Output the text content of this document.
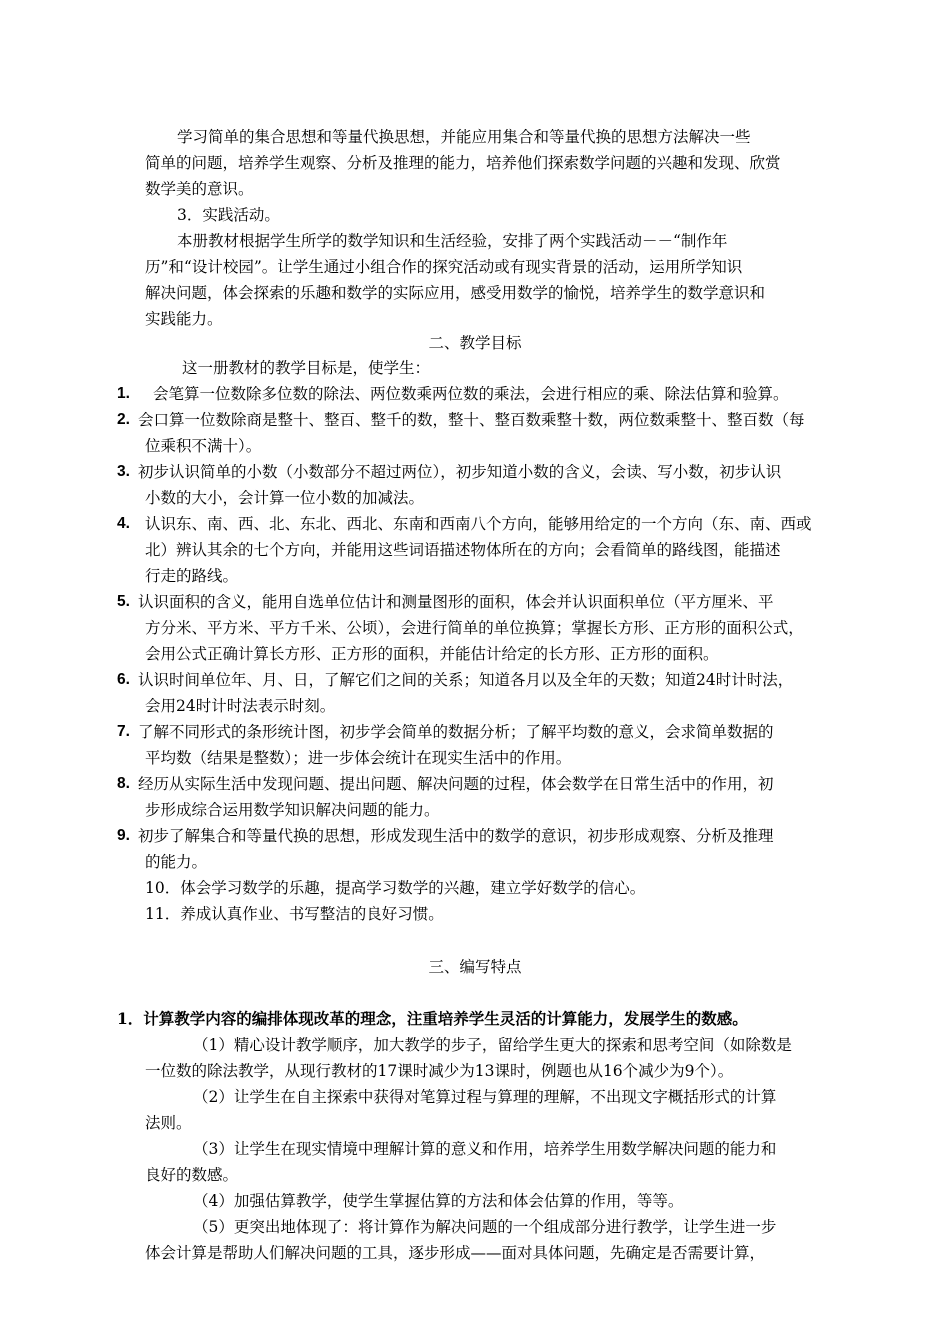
学习简单的集合思想和等量代换思想，并能应用集合和等量代换的思想方法解决一些
简单的问题，培养学生观察、分析及推理的能力，培养他们探索数学问题的兴趣和发现、欣赏
数学美的意识。
3．实践活动。
本册教材根据学生所学的数学知识和生活经验，安排了两个实践活动－－“制作年
历”和“设计校园”。让学生通过小组合作的探究活动或有现实背景的活动，运用所学知识
解决问题，体会探索的乐趣和数学的实际应用，感受用数学的愉悦，培养学生的数学意识和
实践能力。
二、教学目标
这一册教材的教学目标是，使学生：
1. 会笔算一位数除多位数的除法、两位数乘两位数的乘法，会进行相应的乘、除法估算和验算。
2. 会口算一位数除商是整十、整百、整千的数，整十、整百数乘整十数，两位数乘整十、整百数（每
位乘积不满十）。
3. 初步认识简单的小数（小数部分不超过两位），初步知道小数的含义，会读、写小数，初步认识
小数的大小，会计算一位小数的加减法。
4. 认识东、南、西、北、东北、西北、东南和西南八个方向，能够用给定的一个方向（东、南、西或
北）辨认其余的七个方向，并能用这些词语描述物体所在的方向；会看简单的路线图，能描述
行走的路线。
5. 认识面积的含义，能用自选单位估计和测量图形的面积，体会并认识面积单位（平方厘米、平
方分米、平方米、平方千米、公顷），会进行简单的单位换算；掌握长方形、正方形的面积公式，
会用公式正确计算长方形、正方形的面积，并能估计给定的长方形、正方形的面积。
6. 认识时间单位年、月、日，了解它们之间的关系；知道各月以及全年的天数；知道24时计时法，
会用24时计时法表示时刻。
7. 了解不同形式的条形统计图，初步学会简单的数据分析；了解平均数的意义，会求简单数据的
平均数（结果是整数）；进一步体会统计在现实生活中的作用。
8. 经历从实际生活中发现问题、提出问题、解决问题的过程，体会数学在日常生活中的作用，初
步形成综合运用数学知识解决问题的能力。
9. 初步了解集合和等量代换的思想，形成发现生活中的数学的意识，初步形成观察、分析及推理
的能力。
10．体会学习数学的乐趣，提高学习数学的兴趣，建立学好数学的信心。
11．养成认真作业、书写整洁的良好习惯。
三、编写特点
1．计算教学内容的编排体现改革的理念，注重培养学生灵活的计算能力，发展学生的数感。
（1）精心设计教学顺序，加大教学的步子，留给学生更大的探索和思考空间（如除数是
一位数的除法教学，从现行教材的17课时减少为13课时，例题也从16个减少为9个）。
（2）让学生在自主探索中获得对笔算过程与算理的理解，不出现文字概括形式的计算
法则。
（3）让学生在现实情境中理解计算的意义和作用，培养学生用数学解决问题的能力和
良好的数感。
（4）加强估算教学，使学生掌握估算的方法和体会估算的作用，等等。
（5）更突出地体现了：将计算作为解决问题的一个组成部分进行教学，让学生进一步
体会计算是帮助人们解决问题的工具，逐步形成——面对具体问题，先确定是否需要计算，
